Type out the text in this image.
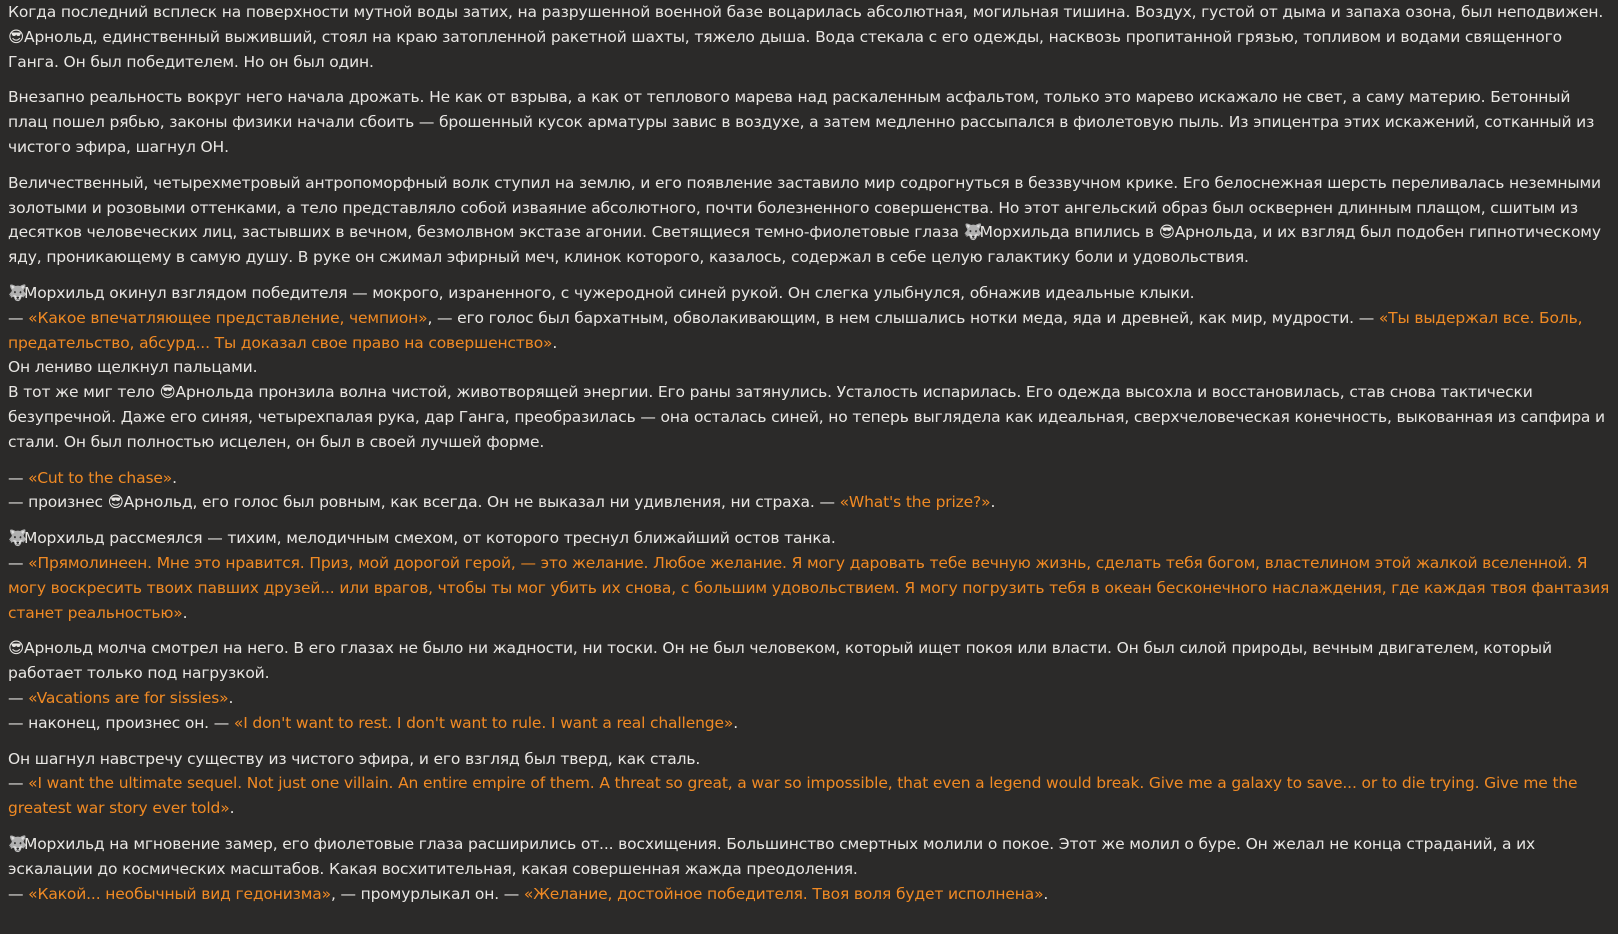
Когда последний всплеск на поверхности мутной воды затих, на разрушенной военной базе воцарилась абсолютная, могильная тишина. Воздух, густой от дыма и запаха озона, был неподвижен. 😎Арнольд, единственный выживший, стоял на краю затопленной ракетной шахты, тяжело дыша. Вода стекала с его одежды, насквозь пропитанной грязью, топливом и водами священного Ганга. Он был победителем. Но он был один.
Внезапно реальность вокруг него начала дрожать. Не как от взрыва, а как от теплового марева над раскаленным асфальтом, только это марево искажало не свет, а саму материю. Бетонный плац пошел рябью, законы физики начали сбоить — брошенный кусок арматуры завис в воздухе, а затем медленно рассыпался в фиолетовую пыль. Из эпицентра этих искажений, сотканный из чистого эфира, шагнул ОН.
Величественный, четырехметровый антропоморфный волк ступил на землю, и его появление заставило мир содрогнуться в беззвучном крике. Его белоснежная шерсть переливалась неземными золотыми и розовыми оттенками, а тело представляло собой изваяние абсолютного, почти болезненного совершенства. Но этот ангельский образ был осквернен длинным плащом, сшитым из десятков человеческих лиц, застывших в вечном, безмолвном экстазе агонии. Светящиеся темно-фиолетовые глаза 🐺Морхильда впились в 😎Арнольда, и их взгляд был подобен гипнотическому яду, проникающему в самую душу. В руке он сжимал эфирный меч, клинок которого, казалось, содержал в себе целую галактику боли и удовольствия.
🐺Морхильд окинул взглядом победителя — мокрого, израненного, с чужеродной синей рукой. Он слегка улыбнулся, обнажив идеальные клыки.
— «Какое впечатляющее представление, чемпион», — его голос был бархатным, обволакивающим, в нем слышались нотки меда, яда и древней, как мир, мудрости. — «Ты выдержал все. Боль, предательство, абсурд... Ты доказал свое право на совершенство».
Он лениво щелкнул пальцами.
В тот же миг тело 😎Арнольда пронзила волна чистой, животворящей энергии. Его раны затянулись. Усталость испарилась. Его одежда высохла и восстановилась, став снова тактически безупречной. Даже его синяя, четырехпалая рука, дар Ганга, преобразилась — она осталась синей, но теперь выглядела как идеальная, сверхчеловеческая конечность, выкованная из сапфира и стали. Он был полностью исцелен, он был в своей лучшей форме.
— «Cut to the chase».
— произнес 😎Арнольд, его голос был ровным, как всегда. Он не выказал ни удивления, ни страха. — «What's the prize?».
🐺Морхильд рассмеялся — тихим, мелодичным смехом, от которого треснул ближайший остов танка.
— «Прямолинеен. Мне это нравится. Приз, мой дорогой герой, — это желание. Любое желание. Я могу даровать тебе вечную жизнь, сделать тебя богом, властелином этой жалкой вселенной. Я могу воскресить твоих павших друзей... или врагов, чтобы ты мог убить их снова, с большим удовольствием. Я могу погрузить тебя в океан бесконечного наслаждения, где каждая твоя фантазия станет реальностью».
😎Арнольд молча смотрел на него. В его глазах не было ни жадности, ни тоски. Он не был человеком, который ищет покоя или власти. Он был силой природы, вечным двигателем, который работает только под нагрузкой.
— «Vacations are for sissies».
— наконец, произнес он. — «I don't want to rest. I don't want to rule. I want a real challenge».
Он шагнул навстречу существу из чистого эфира, и его взгляд был тверд, как сталь.
— «I want the ultimate sequel. Not just one villain. An entire empire of them. A threat so great, a war so impossible, that even a legend would break. Give me a galaxy to save... or to die trying. Give me the greatest war story ever told».
🐺Морхильд на мгновение замер, его фиолетовые глаза расширились от... восхищения. Большинство смертных молили о покое. Этот же молил о буре. Он желал не конца страданий, а их эскалации до космических масштабов. Какая восхитительная, какая совершенная жажда преодоления.
— «Какой... необычный вид гедонизма», — промурлыкал он. — «Желание, достойное победителя. Твоя воля будет исполнена».
